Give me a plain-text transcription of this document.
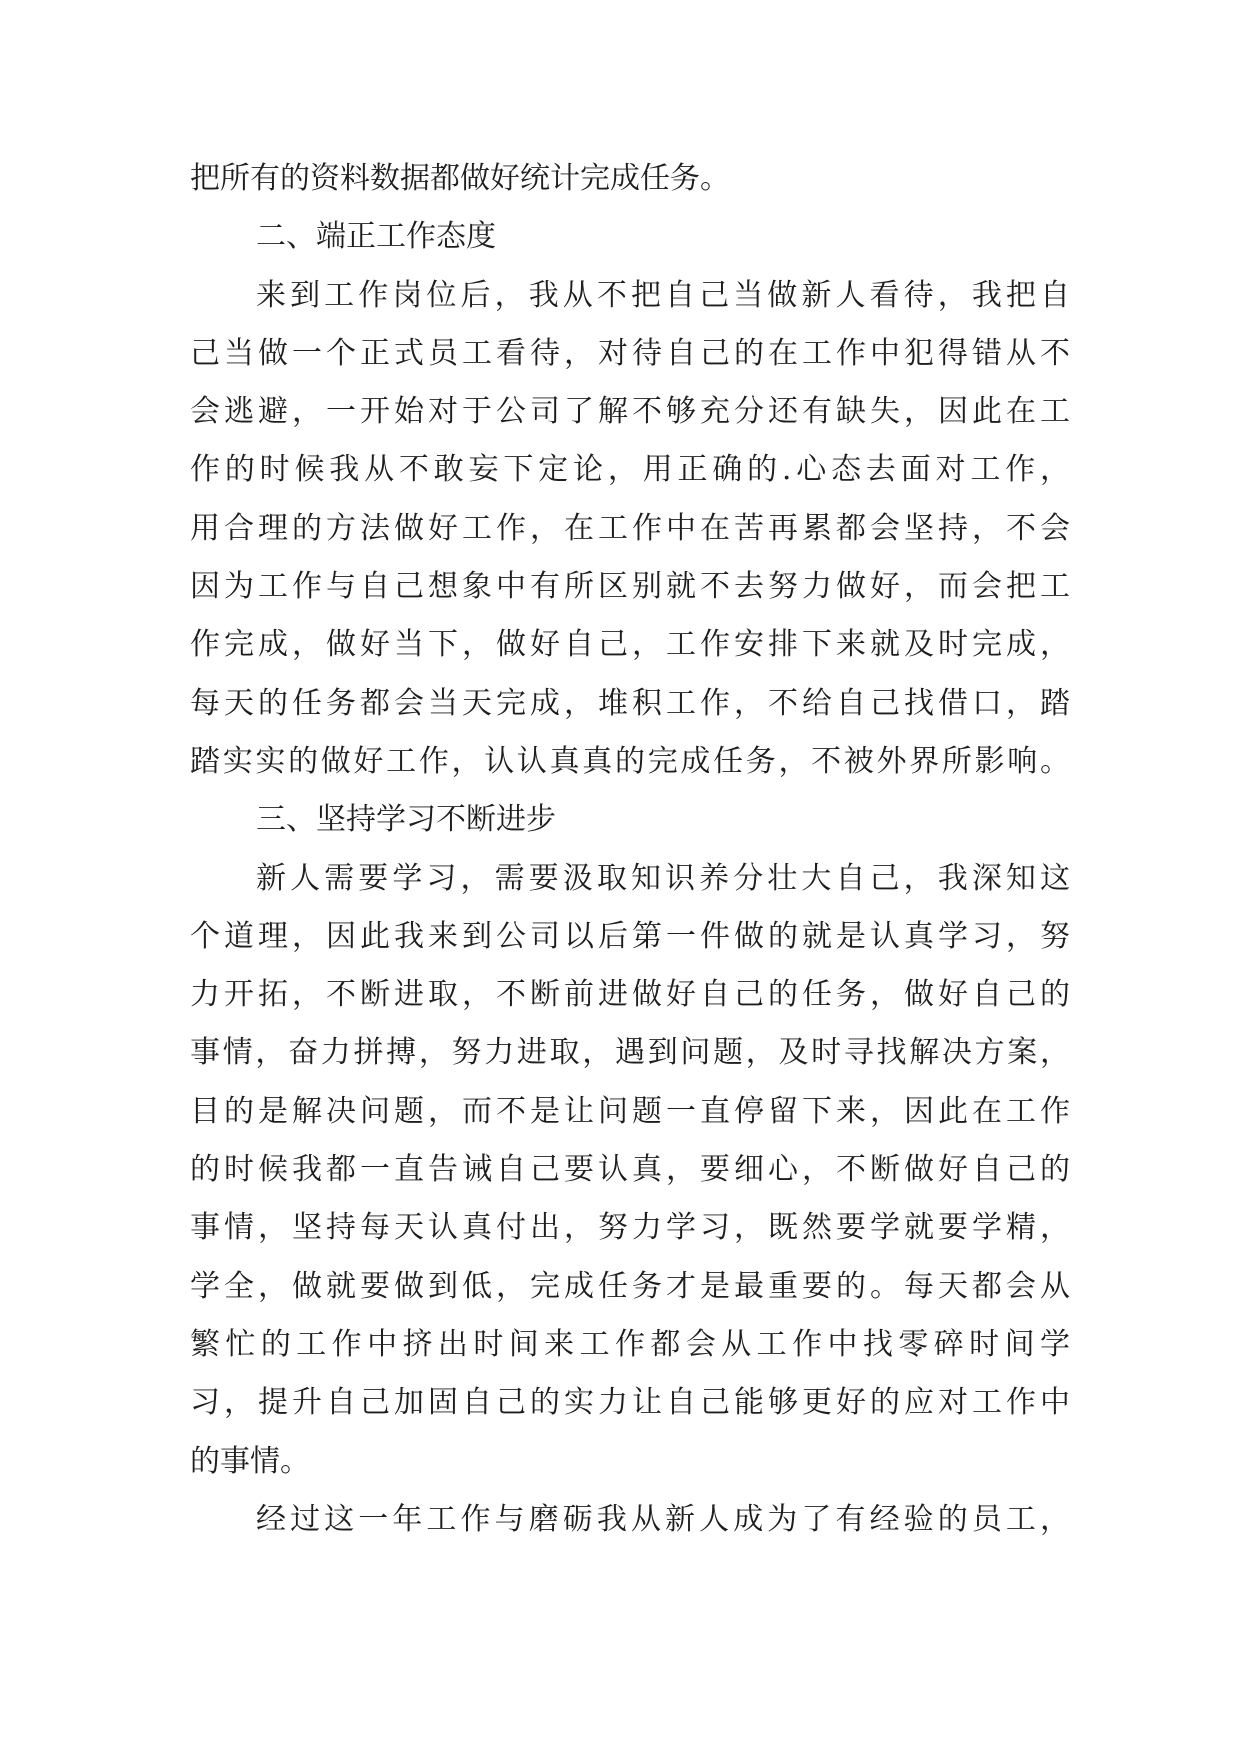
把所有的资料数据都做好统计完成任务。
二、端正工作态度
来到工作岗位后，我从不把自己当做新人看待，我把自
己当做一个正式员工看待，对待自己的在工作中犯得错从不
会逃避，一开始对于公司了解不够充分还有缺失，因此在工
作的时候我从不敢妄下定论，用正确的.心态去面对工作，
用合理的方法做好工作，在工作中在苦再累都会坚持，不会
因为工作与自己想象中有所区别就不去努力做好，而会把工
作完成，做好当下，做好自己，工作安排下来就及时完成，
每天的任务都会当天完成，堆积工作，不给自己找借口，踏
踏实实的做好工作，认认真真的完成任务，不被外界所影响。
三、坚持学习不断进步
新人需要学习，需要汲取知识养分壮大自己，我深知这
个道理，因此我来到公司以后第一件做的就是认真学习，努
力开拓，不断进取，不断前进做好自己的任务，做好自己的
事情，奋力拼搏，努力进取，遇到问题，及时寻找解决方案，
目的是解决问题，而不是让问题一直停留下来，因此在工作
的时候我都一直告诫自己要认真，要细心，不断做好自己的
事情，坚持每天认真付出，努力学习，既然要学就要学精，
学全，做就要做到低，完成任务才是最重要的。每天都会从
繁忙的工作中挤出时间来工作都会从工作中找零碎时间学
习，提升自己加固自己的实力让自己能够更好的应对工作中
的事情。
经过这一年工作与磨砺我从新人成为了有经验的员工，
